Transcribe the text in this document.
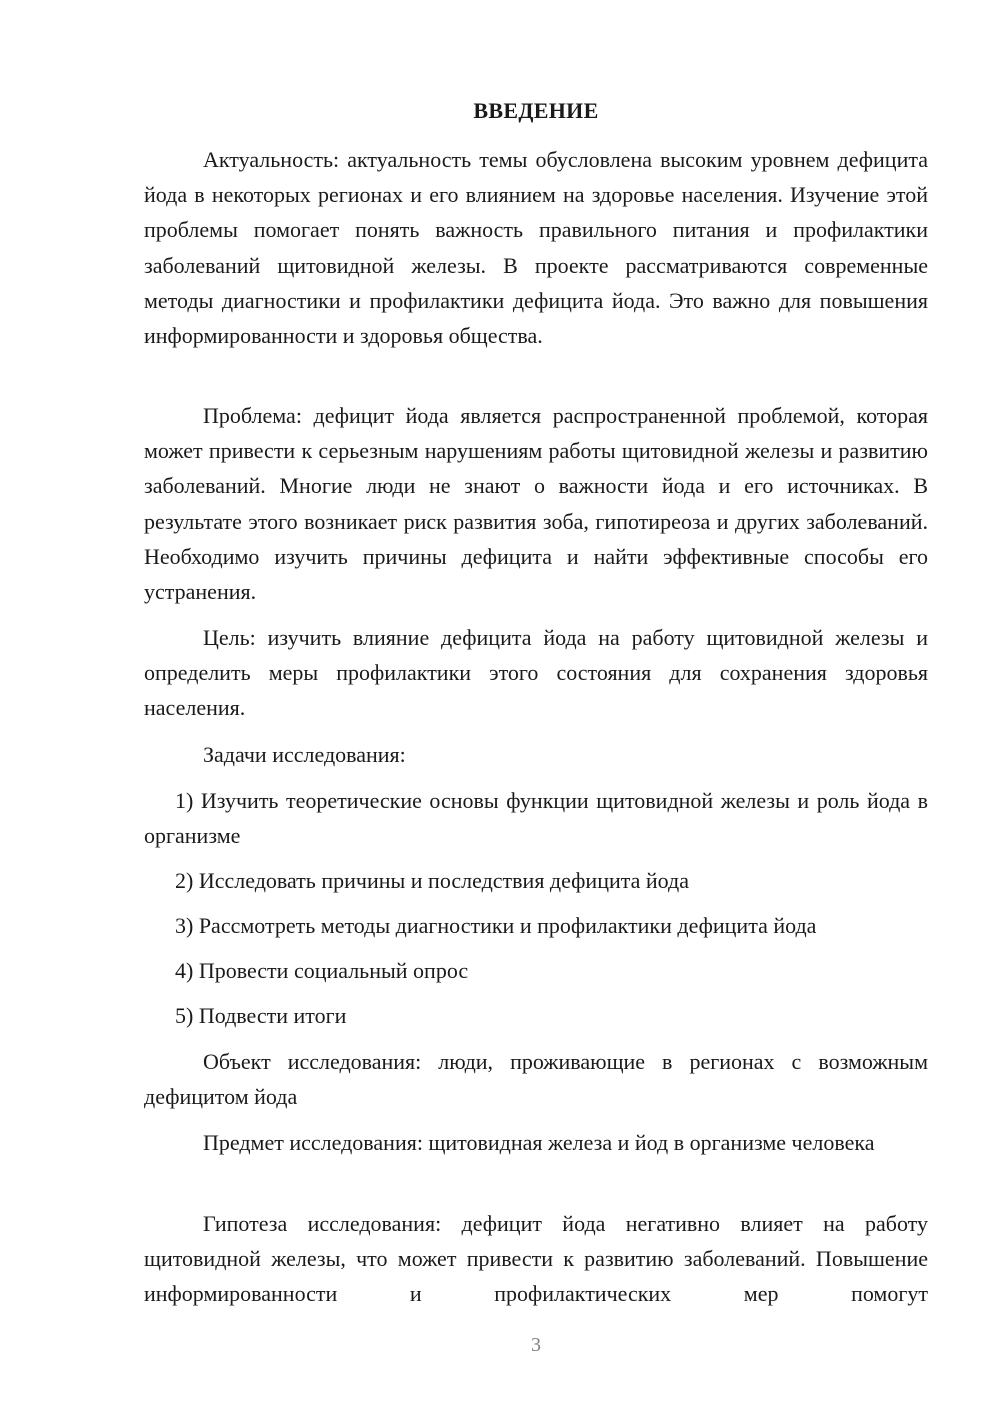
ВВЕДЕНИЕ

Актуальность: актуальность темы обусловлена высоким уровнем дефицита йода в некоторых регионах и его влиянием на здоровье населения. Изучение этой проблемы помогает понять важность правильного питания и профилактики заболеваний щитовидной железы. В проекте рассматриваются современные методы диагностики и профилактики дефицита йода. Это важно для повышения информированности и здоровья общества.

Проблема: дефицит йода является распространенной проблемой, которая может привести к серьезным нарушениям работы щитовидной железы и развитию заболеваний. Многие люди не знают о важности йода и его источниках. В результате этого возникает риск развития зоба, гипотиреоза и других заболеваний. Необходимо изучить причины дефицита и найти эффективные способы его устранения.

Цель: изучить влияние дефицита йода на работу щитовидной железы и определить меры профилактики этого состояния для сохранения здоровья населения.

Задачи исследования:

1) Изучить теоретические основы функции щитовидной железы и роль йода в организме

2) Исследовать причины и последствия дефицита йода

3) Рассмотреть методы диагностики и профилактики дефицита йода

4) Провести социальный опрос

5) Подвести итоги

Объект исследования: люди, проживающие в регионах с возможным дефицитом йода

Предмет исследования: щитовидная железа и йод в организме человека

Гипотеза исследования: дефицит йода негативно влияет на работу щитовидной железы, что может привести к развитию заболеваний. Повышение информированности и профилактических мер помогут

3
